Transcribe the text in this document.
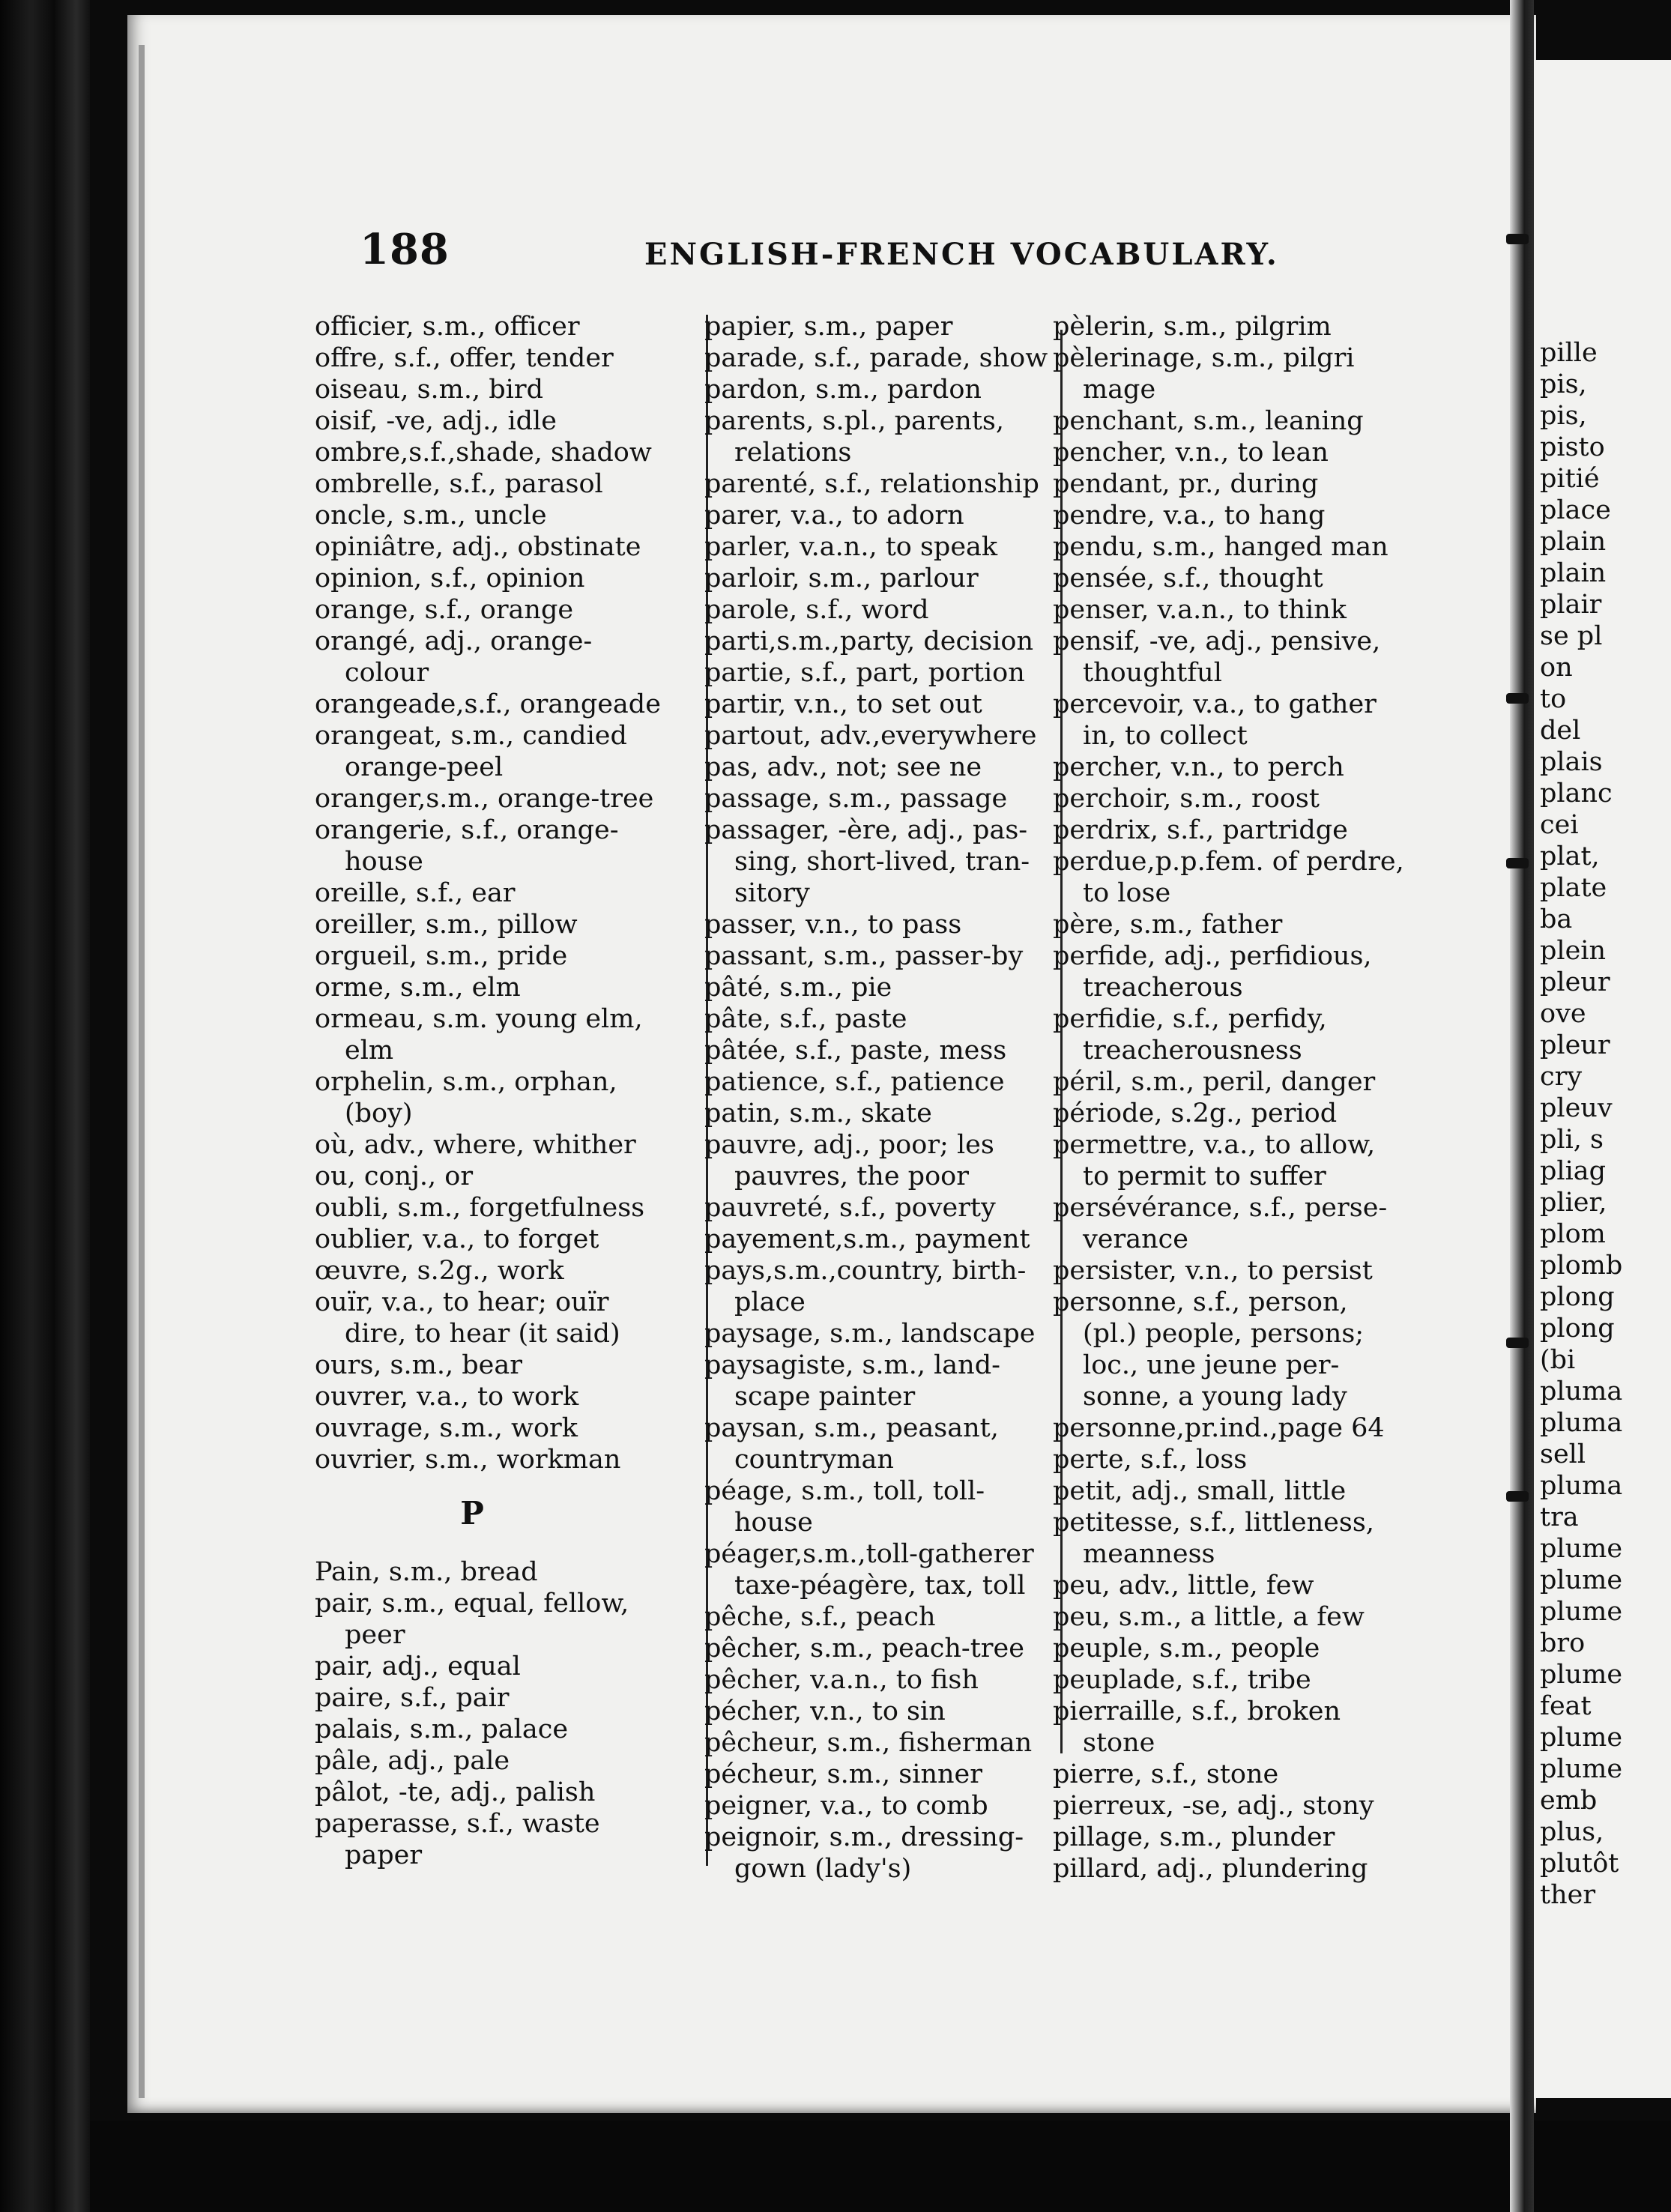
pille
pis,
pis,
pisto
pitié
place
plain
plain
plair
se pl
on
to
del
plais
planc
cei
plat,
plate
ba
plein
pleur
ove
pleur
cry
pleuv
pli, s
pliag
plier,
plom
plomb
plong
plong
(bi
pluma
pluma
sell
pluma
tra
plume
plume
plume
bro
plume
feat
plume
plume
emb
plus,
plutôt
ther
188	ENGLISH-FRENCH VOCABULARY.
officier, s.m., officer
offre, s.f., offer, tender
oiseau, s.m., bird
oisif, -ve, adj., idle
ombre,s.f.,shade, shadow
ombrelle, s.f., parasol
oncle, s.m., uncle
opiniâtre, adj., obstinate
opinion, s.f., opinion
orange, s.f., orange
orangé, adj., orange-
colour
orangeade,s.f., orangeade
orangeat, s.m., candied
orange-peel
oranger,s.m., orange-tree
orangerie, s.f., orange-
house
oreille, s.f., ear
oreiller, s.m., pillow
orgueil, s.m., pride
orme, s.m., elm
ormeau, s.m. young elm,
elm
orphelin, s.m., orphan,
(boy)
où, adv., where, whither
ou, conj., or
oubli, s.m., forgetfulness
oublier, v.a., to forget
œuvre, s.2g., work
ouïr, v.a., to hear; ouïr
dire, to hear (it said)
ours, s.m., bear
ouvrer, v.a., to work
ouvrage, s.m., work
ouvrier, s.m., workman
P
Pain, s.m., bread
pair, s.m., equal, fellow,
peer
pair, adj., equal
paire, s.f., pair
palais, s.m., palace
pâle, adj., pale
pâlot, -te, adj., palish
paperasse, s.f., waste
paper
papier, s.m., paper
parade, s.f., parade, show
pardon, s.m., pardon
parents, s.pl., parents,
relations
parenté, s.f., relationship
parer, v.a., to adorn
parler, v.a.n., to speak
parloir, s.m., parlour
parole, s.f., word
parti,s.m.,party, decision
partie, s.f., part, portion
partir, v.n., to set out
partout, adv.,everywhere
pas, adv., not; see ne
passage, s.m., passage
passager, -ère, adj., pas-
sing, short-lived, tran-
sitory
passer, v.n., to pass
passant, s.m., passer-by
pâté, s.m., pie
pâte, s.f., paste
pâtée, s.f., paste, mess
patience, s.f., patience
patin, s.m., skate
pauvre, adj., poor; les
pauvres, the poor
pauvreté, s.f., poverty
payement,s.m., payment
pays,s.m.,country, birth-
place
paysage, s.m., landscape
paysagiste, s.m., land-
scape painter
paysan, s.m., peasant,
countryman
péage, s.m., toll, toll-
house
péager,s.m.,toll-gatherer
taxe-péagère, tax, toll
pêche, s.f., peach
pêcher, s.m., peach-tree
pêcher, v.a.n., to fish
pécher, v.n., to sin
pêcheur, s.m., fisherman
pécheur, s.m., sinner
peigner, v.a., to comb
peignoir, s.m., dressing-
gown (lady's)
pèlerin, s.m., pilgrim
pèlerinage, s.m., pilgri
mage
penchant, s.m., leaning
pencher, v.n., to lean
pendant, pr., during
pendre, v.a., to hang
pendu, s.m., hanged man
pensée, s.f., thought
penser, v.a.n., to think
pensif, -ve, adj., pensive,
thoughtful
percevoir, v.a., to gather
in, to collect
percher, v.n., to perch
perchoir, s.m., roost
perdrix, s.f., partridge
perdue,p.p.fem. of perdre,
to lose
père, s.m., father
perfide, adj., perfidious,
treacherous
perfidie, s.f., perfidy,
treacherousness
péril, s.m., peril, danger
période, s.2g., period
permettre, v.a., to allow,
to permit to suffer
persévérance, s.f., perse-
verance
persister, v.n., to persist
personne, s.f., person,
(pl.) people, persons;
loc., une jeune per-
sonne, a young lady
personne,pr.ind.,page 64
perte, s.f., loss
petit, adj., small, little
petitesse, s.f., littleness,
meanness
peu, adv., little, few
peu, s.m., a little, a few
peuple, s.m., people
peuplade, s.f., tribe
pierraille, s.f., broken
stone
pierre, s.f., stone
pierreux, -se, adj., stony
pillage, s.m., plunder
pillard, adj., plundering
